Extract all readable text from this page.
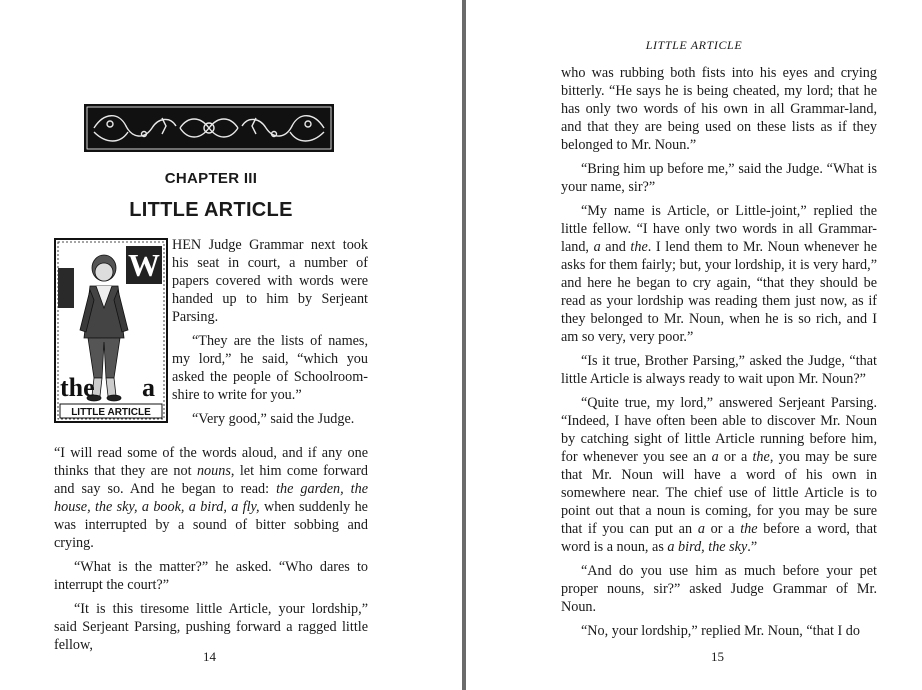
CHAPTER III
LITTLE ARTICLE
W
the a
LITTLE ARTICLE

HEN Judge Grammar next took his seat in court, a number of papers covered with words were handed up to him by Serjeant Parsing.

“They are the lists of names, my lord,” he said, “which you asked the people of Schoolroom-shire to write for you.”

“Very good,” said the Judge.

“I will read some of the words aloud, and if any one thinks that they are not nouns, let him come forward and say so. And he began to read: the garden, the house, the sky, a book, a bird, a fly, when suddenly he was interrupted by a sound of bitter sobbing and crying.

“What is the matter?” he asked. “Who dares to interrupt the court?”

“It is this tiresome little Article, your lordship,” said Serjeant Parsing, pushing forward a ragged little fellow,

14
LITTLE ARTICLE

who was rubbing both fists into his eyes and crying bitterly. “He says he is being cheated, my lord; that he has only two words of his own in all Grammar-land, and that they are being used on these lists as if they belonged to Mr. Noun.”

“Bring him up before me,” said the Judge. “What is your name, sir?”

“My name is Article, or Little-joint,” replied the little fellow. “I have only two words in all Grammar-land, a and the. I lend them to Mr. Noun whenever he asks for them fairly; but, your lordship, it is very hard,” and here he began to cry again, “that they should be read as your lordship was reading them just now, as if they belonged to Mr. Noun, when he is so rich, and I am so very, very poor.”

“Is it true, Brother Parsing,” asked the Judge, “that little Article is always ready to wait upon Mr. Noun?”

“Quite true, my lord,” answered Serjeant Parsing. “Indeed, I have often been able to discover Mr. Noun by catching sight of little Article running before him, for whenever you see an a or a the, you may be sure that Mr. Noun will have a word of his own in somewhere near. The chief use of little Article is to point out that a noun is coming, for you may be sure that if you can put an a or a the before a word, that word is a noun, as a bird, the sky.”

“And do you use him as much before your pet proper nouns, sir?” asked Judge Grammar of Mr. Noun.

“No, your lordship,” replied Mr. Noun, “that I do

15
